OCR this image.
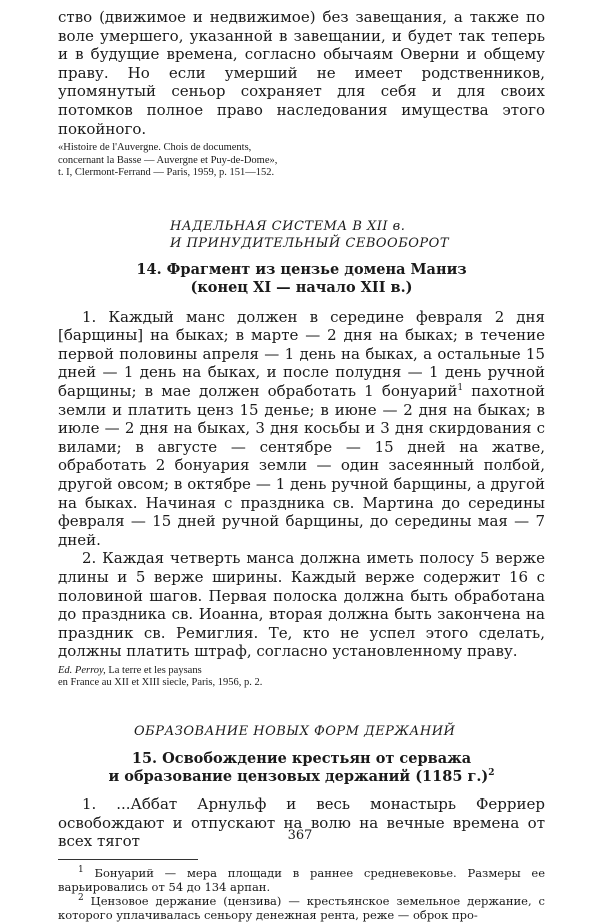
ство (движимое и недвижимое) без завещания, а также по воле умершего, указанной в завещании, и будет так теперь и в будущие времена, согласно обычаям Оверни и общему праву. Но если умерший не имеет родственников, упомянутый сеньор сохраняет для себя и для своих потомков полное право наследования имущества этого покойного.

«Histoire de l'Auvergne. Chois de documents,
concernant la Basse — Auvergne et Puy-de-Dome»,
t. I, Clermont-Ferrand — Paris, 1959, p. 151—152.
НАДЕЛЬНАЯ СИСТЕМА В XII в.
И ПРИНУДИТЕЛЬНЫЙ СЕВООБОРОТ
14. Фрагмент из цензье домена Маниз
(конец XI — начало XII в.)

1. Каждый манс должен в середине февраля 2 дня [барщины] на быках; в марте — 2 дня на быках; в течение первой половины апреля — 1 день на быках, а остальные 15 дней — 1 день на быках, и после полудня — 1 день ручной барщины; в мае должен обработать 1 бонуарий$^1$ пахотной земли и платить ценз 15 денье; в июне — 2 дня на быках; в июле — 2 дня на быках, 3 дня косьбы и 3 дня скирдования с вилами; в августе — сентябре — 15 дней на жатве, обработать 2 бонуария земли — один засеянный полбой, другой овсом; в октябре — 1 день ручной барщины, а другой на быках. Начиная с праздника св. Мартина до середины февраля — 15 дней ручной барщины, до середины мая — 7 дней.

2. Каждая четверть манса должна иметь полосу 5 верже длины и 5 верже ширины. Каждый верже содержит 16 с половиной шагов. Первая полоска должна быть обработана до праздника св. Иоанна, вторая должна быть закончена на праздник св. Ремиглия. Те, кто не успел этого сделать, должны платить штраф, согласно установленному праву.

Ed. Perroy, La terre et les paysans
en France au XII et XIII siecle, Paris, 1956, p. 2.
ОБРАЗОВАНИЕ НОВЫХ ФОРМ ДЕРЖАНИЙ
15. Освобождение крестьян от серважа
и образование цензовых держаний (1185 г.)$^2$

1. ...Аббат Арнульф и весь монастырь Ферриер освобождают и отпускают на волю на вечные времена от всех тягот

$^1$ Бонуарий — мера площади в раннее средневековье. Размеры ее варьировались от 54 до 134 арпан.

$^2$ Цензовое держание (цензива) — крестьянское земельное держание, с которого уплачивалась сеньору денежная рента, реже — оброк про-

367
